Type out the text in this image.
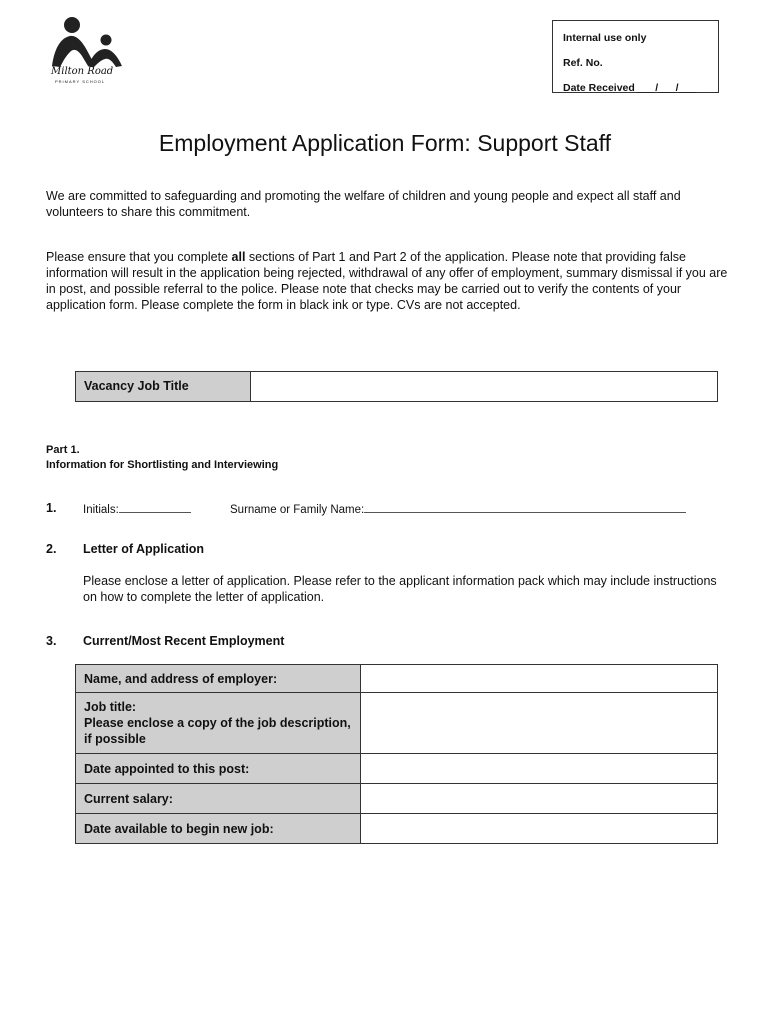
Milton Road
PRIMARY SCHOOL
Internal use only
Ref. No.
Date Received ___/___/___
Employment Application Form: Support Staff

We are committed to safeguarding and promoting the welfare of children and young people and expect all staff and volunteers to share this commitment.

Please ensure that you complete all sections of Part 1 and Part 2 of the application. Please note that providing false information will result in the application being rejected, withdrawal of any offer of employment, summary dismissal if you are in post, and possible referral to the police. Please note that checks may be carried out to verify the contents of your application form. Please complete the form in black ink or type. CVs are not accepted.

Vacancy Job Title
Part 1.
Information for Shortlisting and Interviewing
1. Initials:	Surname or Family Name:
2. Letter of Application

Please enclose a letter of application. Please refer to the applicant information pack which may include instructions on how to complete the letter of application.

3. Current/Most Recent Employment
Name, and address of employer:	
Job title:
Please enclose a copy of the job description, if possible	

Date appointed to this post:	
Current salary:	
Date available to begin new job:	
